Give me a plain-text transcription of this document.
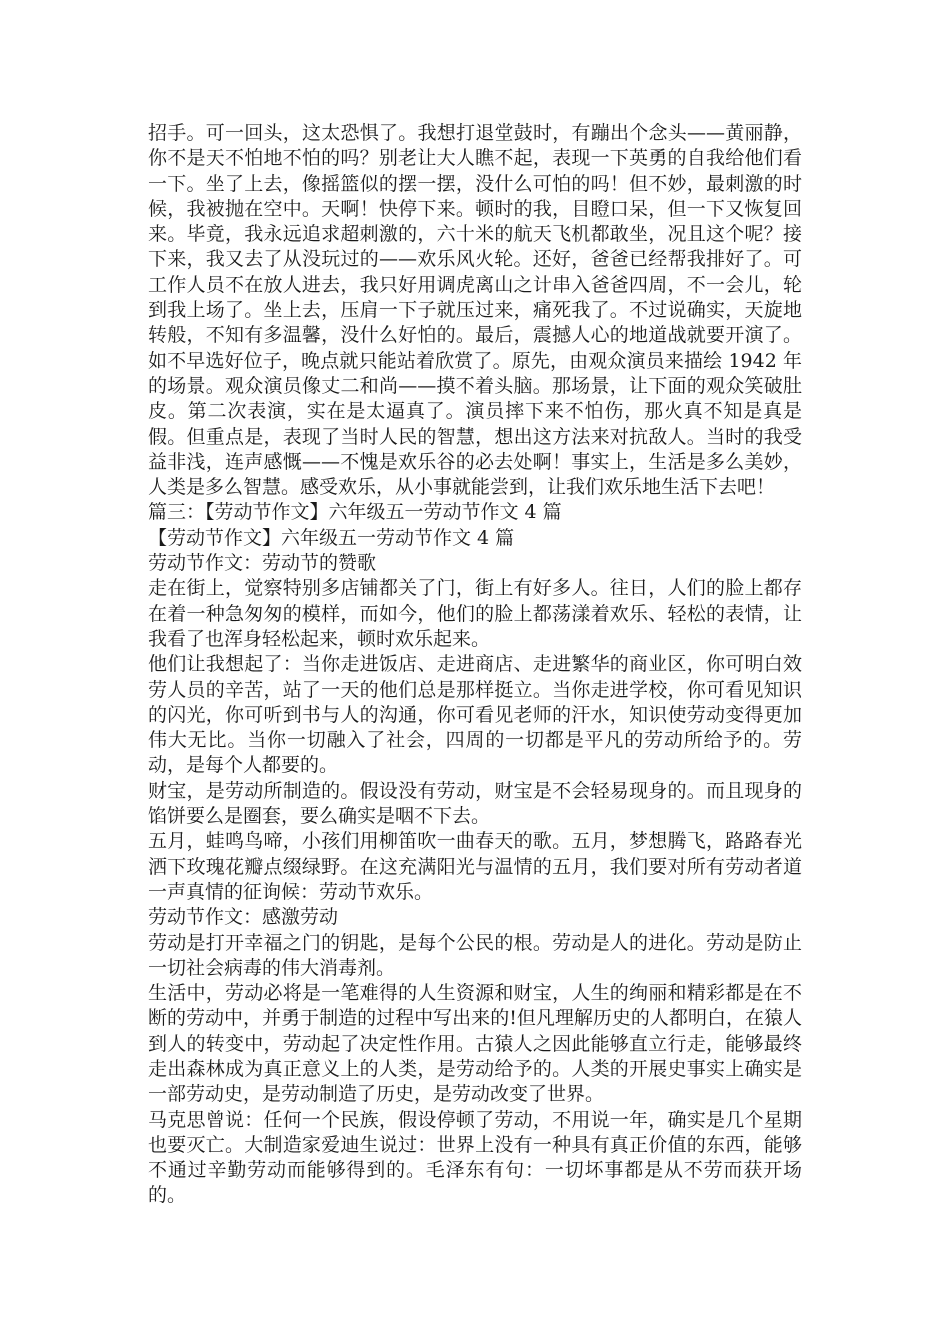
招手。可一回头，这太恐惧了。我想打退堂鼓时，有蹦出个念头——黄丽静，你不是天不怕地不怕的吗？别老让大人瞧不起，表现一下英勇的自我给他们看一下。坐了上去，像摇篮似的摆一摆，没什么可怕的吗！但不妙，最刺激的时候，我被抛在空中。天啊！快停下来。顿时的我，目瞪口呆，但一下又恢复回来。毕竟，我永远追求超刺激的，六十米的航天飞机都敢坐，况且这个呢？接下来，我又去了从没玩过的——欢乐风火轮。还好，爸爸已经帮我排好了。可工作人员不在放人进去，我只好用调虎离山之计串入爸爸四周，不一会儿，轮到我上场了。坐上去，压肩一下子就压过来，痛死我了。不过说确实，天旋地转般，不知有多温馨，没什么好怕的。最后，震撼人心的地道战就要开演了。如不早选好位子，晚点就只能站着欣赏了。原先，由观众演员来描绘 1942 年的场景。观众演员像丈二和尚——摸不着头脑。那场景，让下面的观众笑破肚皮。第二次表演，实在是太逼真了。演员摔下来不怕伤，那火真不知是真是假。但重点是，表现了当时人民的智慧，想出这方法来对抗敌人。当时的我受益非浅，连声感慨——不愧是欢乐谷的必去处啊！事实上，生活是多么美妙，人类是多么智慧。感受欢乐，从小事就能尝到，让我们欢乐地生活下去吧！

篇三：【劳动节作文】六年级五一劳动节作文 4 篇

【劳动节作文】六年级五一劳动节作文 4 篇

劳动节作文：劳动节的赞歌

走在街上，觉察特别多店铺都关了门，街上有好多人。往日，人们的脸上都存在着一种急匆匆的模样，而如今，他们的脸上都荡漾着欢乐、轻松的表情，让我看了也浑身轻松起来，顿时欢乐起来。

他们让我想起了：当你走进饭店、走进商店、走进繁华的商业区，你可明白效劳人员的辛苦，站了一天的他们总是那样挺立。当你走进学校，你可看见知识的闪光，你可听到书与人的沟通，你可看见老师的汗水，知识使劳动变得更加伟大无比。当你一切融入了社会，四周的一切都是平凡的劳动所给予的。劳动，是每个人都要的。

财宝，是劳动所制造的。假设没有劳动，财宝是不会轻易现身的。而且现身的馅饼要么是圈套，要么确实是咽不下去。

五月，蛙鸣鸟啼，小孩们用柳笛吹一曲春天的歌。五月，梦想腾飞，路路春光洒下玫瑰花瓣点缀绿野。在这充满阳光与温情的五月，我们要对所有劳动者道一声真情的征询候：劳动节欢乐。

劳动节作文：感激劳动

劳动是打开幸福之门的钥匙，是每个公民的根。劳动是人的进化。劳动是防止一切社会病毒的伟大消毒剂。

生活中，劳动必将是一笔难得的人生资源和财宝，人生的绚丽和精彩都是在不断的劳动中，并勇于制造的过程中写出来的!但凡理解历史的人都明白，在猿人到人的转变中，劳动起了决定性作用。古猿人之因此能够直立行走，能够最终走出森林成为真正意义上的人类，是劳动给予的。人类的开展史事实上确实是一部劳动史，是劳动制造了历史，是劳动改变了世界。

马克思曾说：任何一个民族，假设停顿了劳动，不用说一年，确实是几个星期也要灭亡。大制造家爱迪生说过：世界上没有一种具有真正价值的东西，能够不通过辛勤劳动而能够得到的。毛泽东有句：一切坏事都是从不劳而获开场的。
